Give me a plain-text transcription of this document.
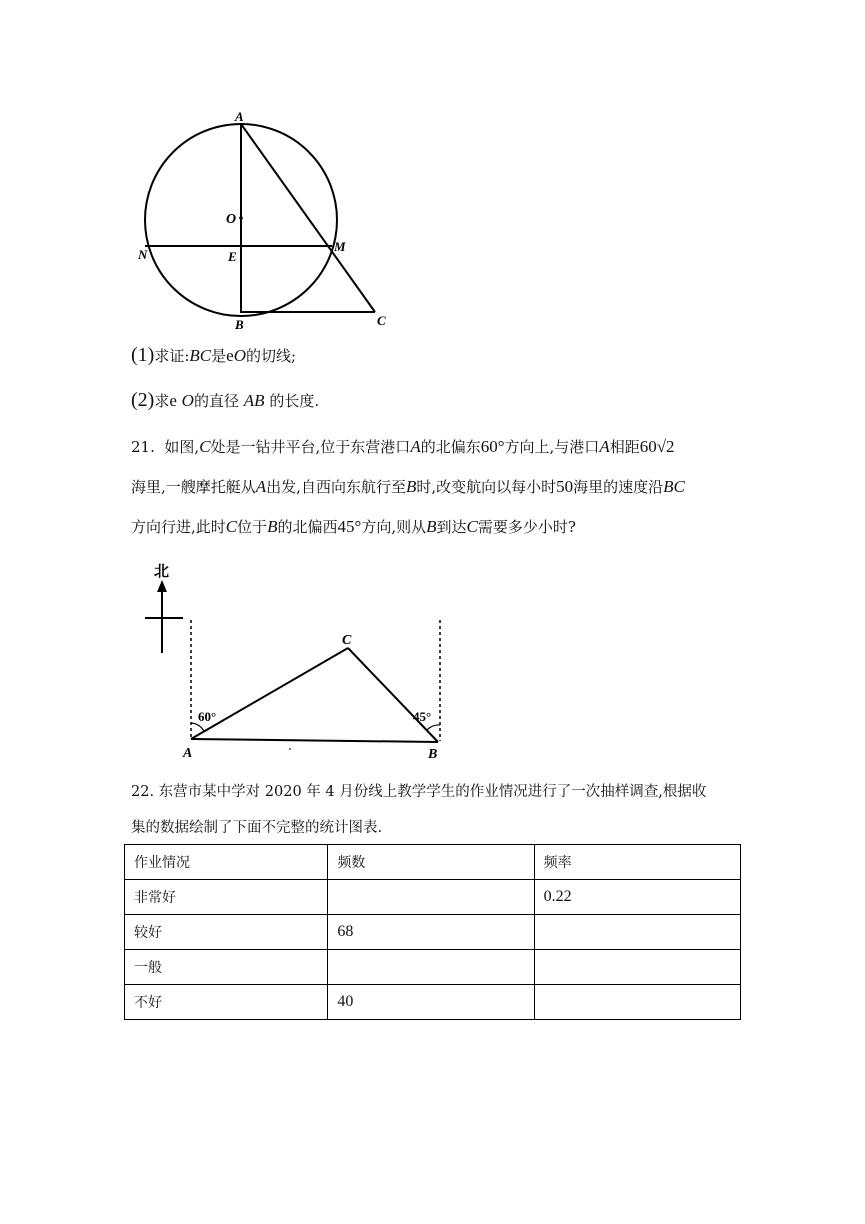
A
O
N	E
M
B	C
(1)求证:BC是eO的切线;
(2)求e O的直径 AB 的长度.
21. 如图,C处是一钻井平台,位于东营港口A的北偏东60°方向上,与港口A相距60√2
海里,一艘摩托艇从A出发,自西向东航行至B时,改变航向以每小时50海里的速度沿BC
方向行进,此时C位于B的北偏西45°方向,则从B到达C需要多少小时?
北
60°	45°
A	B
C
22. 东营市某中学对 2020 年 4 月份线上教学学生的作业情况进行了一次抽样调查,根据收
集的数据绘制了下面不完整的统计图表.
作业情况	频数	频率
非常好		0.22
较好	68	
一般		
不好	40	
